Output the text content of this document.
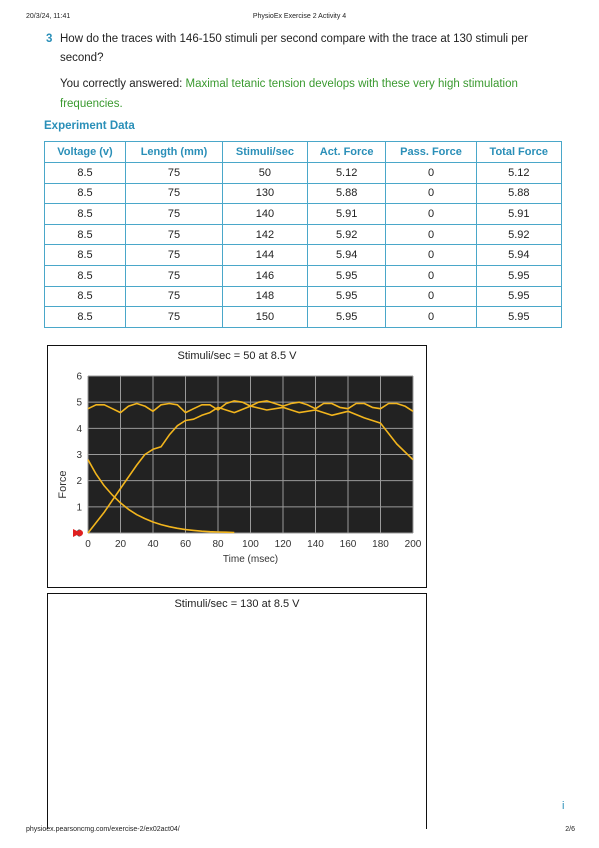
20/3/24, 11:41	PhysioEx Exercise 2 Activity 4
3 How do the traces with 146-150 stimuli per second compare with the trace at 130 stimuli per second?
You correctly answered: Maximal tetanic tension develops with these very high stimulation frequencies.
Experiment Data
Voltage (v)	Length (mm)	Stimuli/sec	Act. Force	Pass. Force	Total Force
8.5	75	50	5.12	0	5.12
8.5	75	130	5.88	0	5.88
8.5	75	140	5.91	0	5.91
8.5	75	142	5.92	0	5.92
8.5	75	144	5.94	0	5.94
8.5	75	146	5.95	0	5.95
8.5	75	148	5.95	0	5.95
8.5	75	150	5.95	0	5.95
Stimuli/sec = 50 at 8.5 V
0 20 40 60 80 100 120 140 160 180 200
1
2
3
4
5
6
Time (msec)
Force
Stimuli/sec = 130 at 8.5 V
i
physioex.pearsoncmg.com/exercise-2/ex02act04/	2/6
